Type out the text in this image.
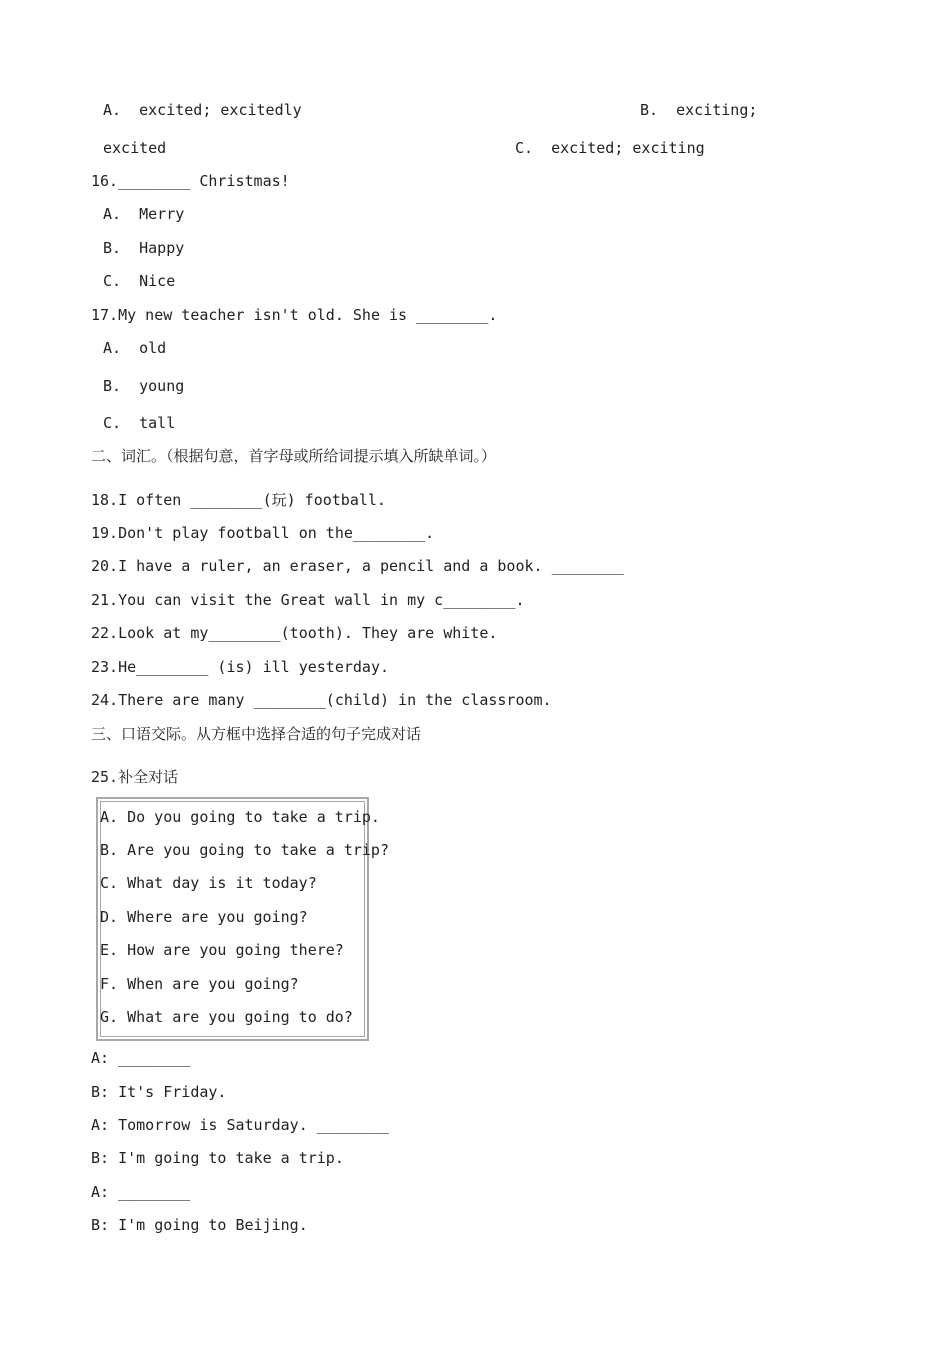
A.  excited; excitedly	B.  exciting;
excited	C.  excited; exciting
16.________ Christmas!
A.  Merry
B.  Happy
C.  Nice
17.My new teacher isn't old. She is ________.
A.  old
B.  young
C.  tall
二、词汇。（根据句意，首字母或所给词提示填入所缺单词。）
18.I often ________(玩) football.
19.Don't play football on the________.
20.I have a ruler, an eraser, a pencil and a book. ________
21.You can visit the Great wall in my c________.
22.Look at my________(tooth). They are white.
23.He________ (is) ill yesterday.
24.There are many ________(child) in the classroom.
三、口语交际。从方框中选择合适的句子完成对话
25.补全对话
A. Do you going to take a trip.
B. Are you going to take a trip?
C. What day is it today?
D. Where are you going?
E. How are you going there?
F. When are you going?
G. What are you going to do?
A: ________
B: It's Friday.
A: Tomorrow is Saturday. ________
B: I'm going to take a trip.
A: ________
B: I'm going to Beijing.
